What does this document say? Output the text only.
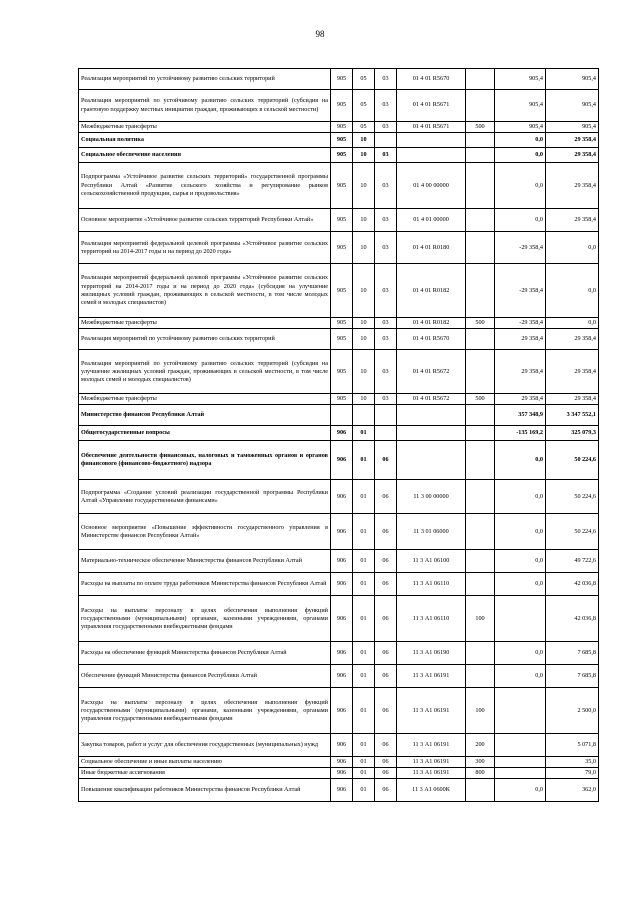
98
Реализация мероприятий по устойчивому развитию сельских территорий	905	05	03	01 4 01 R5670		905,4	905,4
Реализация мероприятий по устойчивому развитию сельских территорий (субсидия на грантовую поддержку местных инициатив граждан, проживающих в сельской местности)	905	05	03	01 4 01 R5671		905,4	905,4
Межбюджетные трансферты	905	05	03	01 4 01 R5671	500	905,4	905,4
Социальная политика	905	10				0,0	29 358,4
Социальное обеспечение населения	905	10	03			0,0	29 358,4
Подпрограмма «Устойчивое развитие сельских территорий» государственной программы Республики Алтай «Развитие сельского хозяйства и регулирование рынков сельскохозяйственной продукции, сырья и продовольствия»	905	10	03	01 4 00 00000		0,0	29 358,4
Основное мероприятие «Устойчивое развитие сельских территорий Республики Алтай»	905	10	03	01 4 01 00000		0,0	29 358,4
Реализация мероприятий федеральной целевой программы «Устойчивое развитие сельских территорий на 2014-2017 годы и на период до 2020 года»	905	10	03	01 4 01 R0180		-29 358,4	0,0
Реализация мероприятий федеральной целевой программы «Устойчивое развитие сельских территорий на 2014-2017 годы и на период до 2020 года» (субсидия на улучшение жилищных условий граждан, проживающих в сельской местности, в том числе молодых семей и молодых специалистов)	905	10	03	01 4 01 R0182		-29 358,4	0,0
Межбюджетные трансферты	905	10	03	01 4 01 R0182	500	-29 358,4	0,0
Реализация мероприятий по устойчивому развитию сельских территорий	905	10	03	01 4 01 R5670		29 358,4	29 358,4
Реализация мероприятий по устойчивому развитию сельских территорий (субсидия на улучшение жилищных условий граждан, проживающих в сельской местности, в том числе молодых семей и молодых специалистов)	905	10	03	01 4 01 R5672		29 358,4	29 358,4
Межбюджетные трансферты	905	10	03	01 4 01 R5672	500	29 358,4	29 358,4
Министерство финансов Республики Алтай						357 348,9	3 347 552,1
Общегосударственные вопросы	906	01				-135 169,2	325 079,3
Обеспечение деятельности финансовых, налоговых и таможенных органов и органов финансового (финансово-бюджетного) надзора	906	01	06			0,0	50 224,6
Подпрограмма «Создание условий реализации государственной программы Республики Алтай «Управление государственными финансами»	906	01	06	11 3 00 00000		0,0	50 224,6
Основное мероприятие «Повышение эффективности государственного управления в Министерстве финансов Республики Алтай»	906	01	06	11 3 01 06000		0,0	50 224,6
Материально-техническое обеспечение Министерства финансов Республики Алтай	906	01	06	11 3 А1 06100		0,0	49 722,6
Расходы на выплаты по оплате труда работников Министерства финансов Республики Алтай	906	01	06	11 3 А1 06110		0,0	42 036,8
Расходы на выплаты персоналу в целях обеспечения выполнения функций государственными (муниципальными) органами, казенными учреждениями, органами управления государственными внебюджетными фондами	906	01	06	11 3 А1 06110	100		42 036,8
Расходы на обеспечение функций Министерства финансов Республики Алтай	906	01	06	11 3 А1 06190		0,0	7 685,8
Обеспечение функций Министерства финансов Республики Алтай	906	01	06	11 3 А1 06191		0,0	7 685,8
Расходы на выплаты персоналу в целях обеспечения выполнения функций государственными (муниципальными) органами, казенными учреждениями, органами управления государственными внебюджетными фондами	906	01	06	11 3 А1 06191	100		2 500,0
Закупка товаров, работ и услуг для обеспечения государственных (муниципальных) нужд	906	01	06	11 3 А1 06191	200		5 071,8
Социальное обеспечение и иные выплаты населению	906	01	06	11 3 А1 06191	300		35,0
Иные бюджетные ассигнования	906	01	06	11 3 А1 06191	800		79,0
Повышение квалификации работников Министерства финансов Республики Алтай	906	01	06	11 3 А1 0600К		0,0	362,0
